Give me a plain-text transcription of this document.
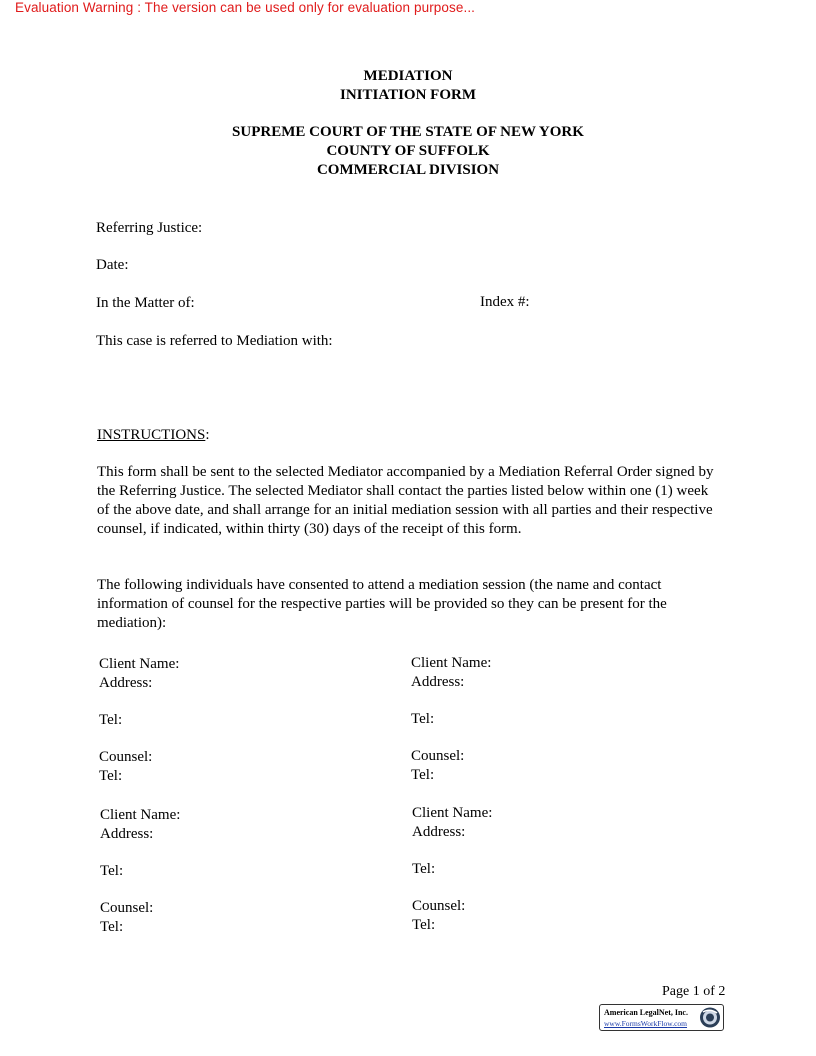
Evaluation Warning : The version can be used only for evaluation purpose...
MEDIATION
INITIATION FORM
SUPREME COURT OF THE STATE OF NEW YORK
COUNTY OF SUFFOLK
COMMERCIAL DIVISION
Referring Justice:
Date:
In the Matter of:	Index #:
This case is referred to Mediation with:
INSTRUCTIONS:
This form shall be sent to the selected Mediator accompanied by a Mediation Referral Order signed by the Referring Justice. The selected Mediator shall contact the parties listed below within one (1) week of the above date, and shall arrange for an initial mediation session with all parties and their respective counsel, if indicated, within thirty (30) days of the receipt of this form.
The following individuals have consented to attend a mediation session (the name and contact information of counsel for the respective parties will be provided so they can be present for the mediation):
Client Name:
Address:
Tel:
Counsel:
Tel:
Client Name:
Address:
Tel:
Counsel:
Tel:
Client Name:
Address:
Tel:
Counsel:
Tel:
Client Name:
Address:
Tel:
Counsel:
Tel:
Page 1 of 2
American LegalNet, Inc.
www.FormsWorkFlow.com
